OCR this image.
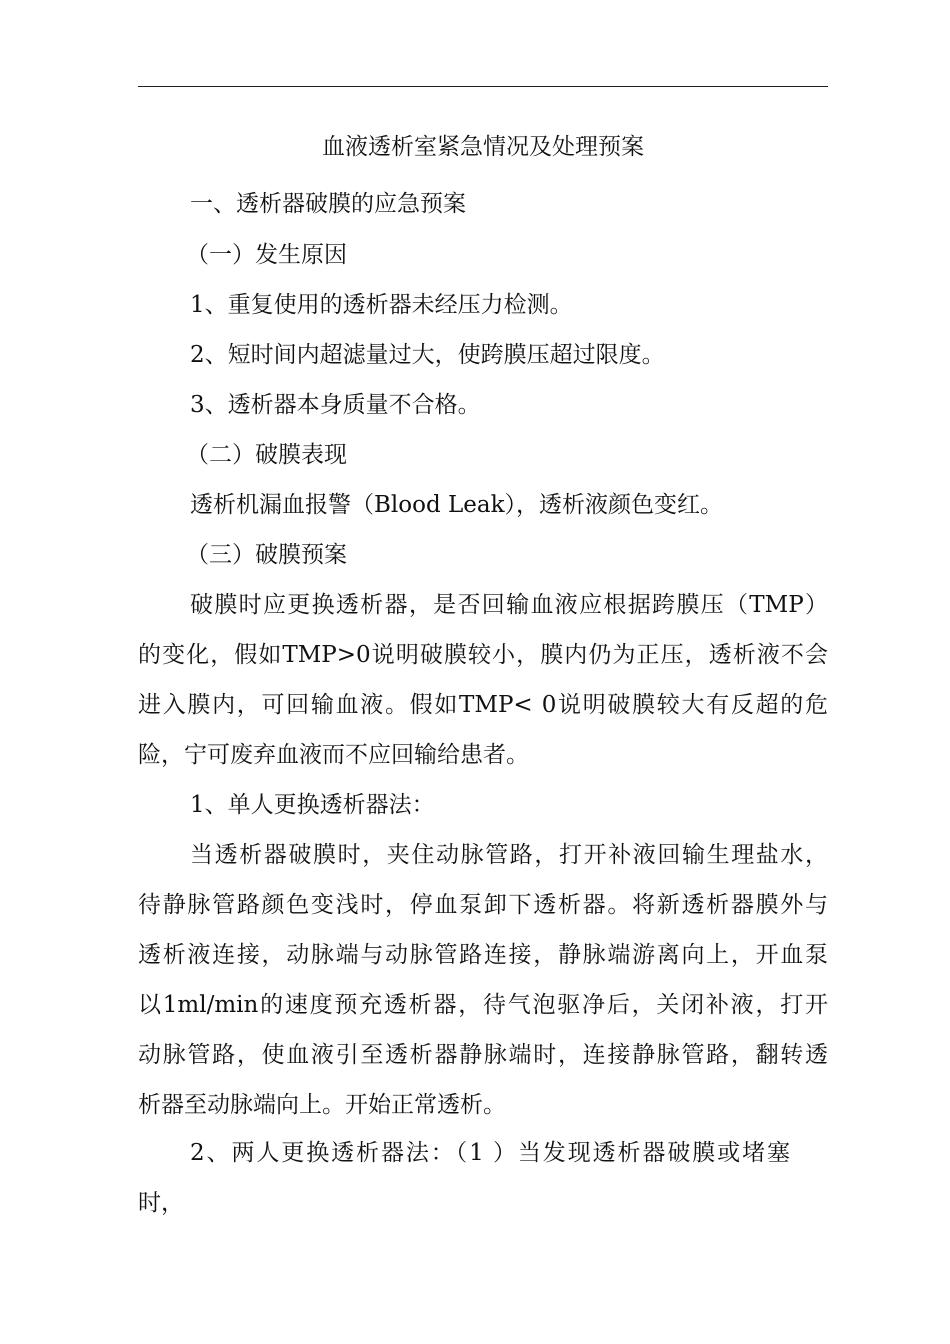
血液透析室紧急情况及处理预案
一、透析器破膜的应急预案
（一）发生原因
1、重复使用的透析器未经压力检测。
2、短时间内超滤量过大，使跨膜压超过限度。
3、透析器本身质量不合格。
（二）破膜表现
透析机漏血报警（Blood Leak），透析液颜色变红。
（三）破膜预案
破膜时应更换透析器，是否回输血液应根据跨膜压（TMP）
的变化，假如TMP>0说明破膜较小，膜内仍为正压，透析液不会
进入膜内，可回输血液。假如TMP< 0说明破膜较大有反超的危
险，宁可废弃血液而不应回输给患者。
1、单人更换透析器法：
当透析器破膜时，夹住动脉管路，打开补液回输生理盐水，
待静脉管路颜色变浅时，停血泵卸下透析器。将新透析器膜外与
透析液连接，动脉端与动脉管路连接，静脉端游离向上，开血泵
以1ml/min的速度预充透析器，待气泡驱净后，关闭补液，打开
动脉管路，使血液引至透析器静脉端时，连接静脉管路，翻转透
析器至动脉端向上。开始正常透析。
2、两人更换透析器法：（1 ）当发现透析器破膜或堵塞
时，
